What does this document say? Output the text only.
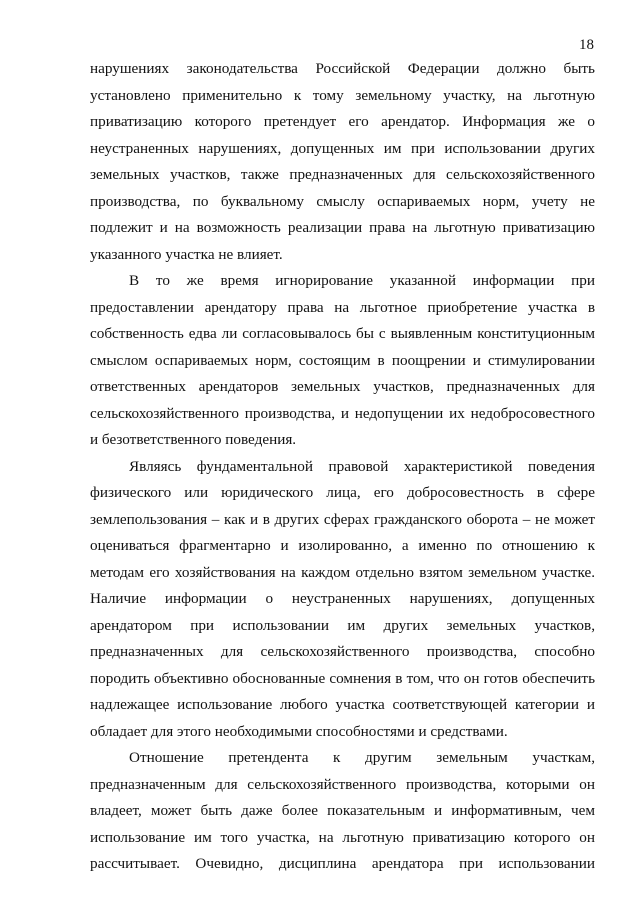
18
нарушениях законодательства Российской Федерации должно быть
установлено применительно к тому земельному участку, на льготную
приватизацию которого претендует его арендатор. Информация же о
неустраненных нарушениях, допущенных им при использовании других
земельных участков, также предназначенных для сельскохозяйственного
производства, по буквальному смыслу оспариваемых норм, учету не
подлежит и на возможность реализации права на льготную приватизацию
указанного участка не влияет.
В то же время игнорирование указанной информации при
предоставлении арендатору права на льготное приобретение участка в
собственность едва ли согласовывалось бы с выявленным конституционным
смыслом оспариваемых норм, состоящим в поощрении и стимулировании
ответственных арендаторов земельных участков, предназначенных для
сельскохозяйственного производства, и недопущении их недобросовестного
и безответственного поведения.
Являясь фундаментальной правовой характеристикой поведения
физического или юридического лица, его добросовестность в сфере
землепользования – как и в других сферах гражданского оборота – не может
оцениваться фрагментарно и изолированно, а именно по отношению к
методам его хозяйствования на каждом отдельно взятом земельном участке.
Наличие информации о неустраненных нарушениях, допущенных
арендатором при использовании им других земельных участков,
предназначенных для сельскохозяйственного производства, способно
породить объективно обоснованные сомнения в том, что он готов обеспечить
надлежащее использование любого участка соответствующей категории и
обладает для этого необходимыми способностями и средствами.
Отношение претендента к другим земельным участкам,
предназначенным для сельскохозяйственного производства, которыми он
владеет, может быть даже более показательным и информативным, чем
использование им того участка, на льготную приватизацию которого он
рассчитывает. Очевидно, дисциплина арендатора при использовании
